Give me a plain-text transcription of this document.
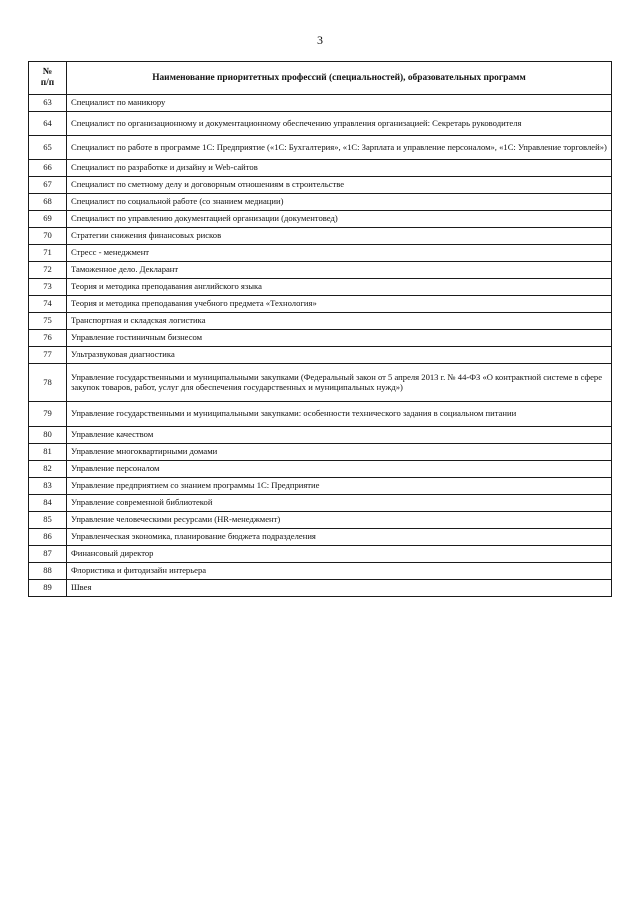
3
№
п/п	Наименование приоритетных профессий (специальностей), образовательных программ
63	Специалист по маникюру
64	Специалист по организационному и документационному обеспечению управления организацией: Секретарь руководителя
65	Специалист по работе в программе 1С: Предприятие («1С: Бухгалтерия», «1С: Зарплата и управление персоналом», «1С: Управление торговлей»)
66	Специалист по разработке и дизайну и Web-сайтов
67	Специалист по сметному делу и договорным отношениям в строительстве
68	Специалист по социальной работе (со знанием медиации)
69	Специалист по управлению документацией организации (документовед)
70	Стратегии снижения финансовых рисков
71	Стресс - менеджмент
72	Таможенное дело. Декларант
73	Теория и методика преподавания английского языка
74	Теория и методика преподавания учебного предмета «Технология»
75	Транспортная и складская логистика
76	Управление гостиничным бизнесом
77	Ультразвуковая диагностика
78	Управление государственными и муниципальными закупками (Федеральный закон от 5 апреля 2013 г. № 44-ФЗ «О контрактной системе в сфере закупок товаров, работ, услуг для обеспечения государственных и муниципальных нужд»)
79	Управление государственными и муниципальными закупками: особенности технического задания в социальном питании
80	Управление качеством
81	Управление многоквартирными домами
82	Управление персоналом
83	Управление предприятием со знанием программы 1С: Предприятие
84	Управление современной библиотекой
85	Управление человеческими ресурсами (HR-менеджмент)
86	Управленческая экономика, планирование бюджета подразделения
87	Финансовый директор
88	Флористика и фитодизайн интерьера
89	Швея
